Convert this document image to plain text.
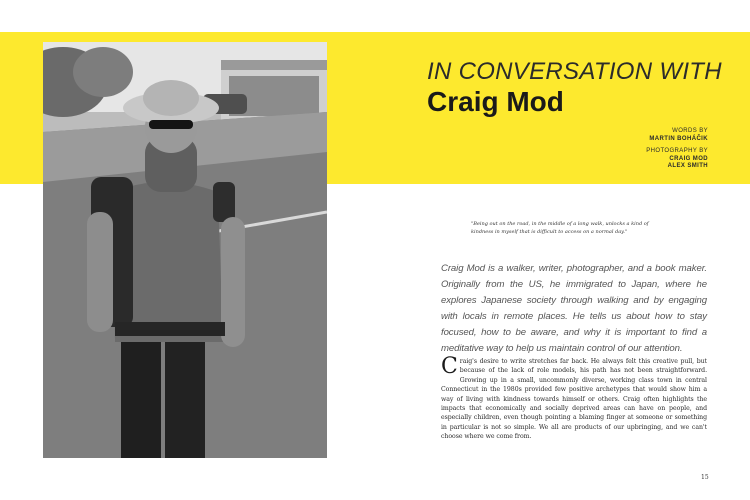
IN CONVERSATION WITH
Craig Mod
WORDS BY
MARTIN BOHÁČIK
PHOTOGRAPHY BY
CRAIG MOD
ALEX SMITH
"Being out on the road, in the middle of a long walk, unlocks a kind of kindness in myself that is difficult to access on a normal day."
Craig Mod is a walker, writer, photographer, and a book maker. Originally from the US, he immigrated to Japan, where he explores Japanese society through walking and by engaging with locals in remote places. He tells us about how to stay focused, how to be aware, and why it is important to find a meditative way to help us maintain control of our attention.
Craig's desire to write stretches far back. He always felt this creative pull, but because of the lack of role models, his path has not been straightforward. Growing up in a small, uncommonly diverse, working class town in central Connecticut in the 1980s provided few positive archetypes that would show him a way of living with kindness towards himself or others. Craig often highlights the impacts that economically and socially deprived areas can have on people, and especially children, even though pointing a blaming finger at someone or something in particular is not so simple. We all are products of our upbringing, and we can't choose where we come from.
15
